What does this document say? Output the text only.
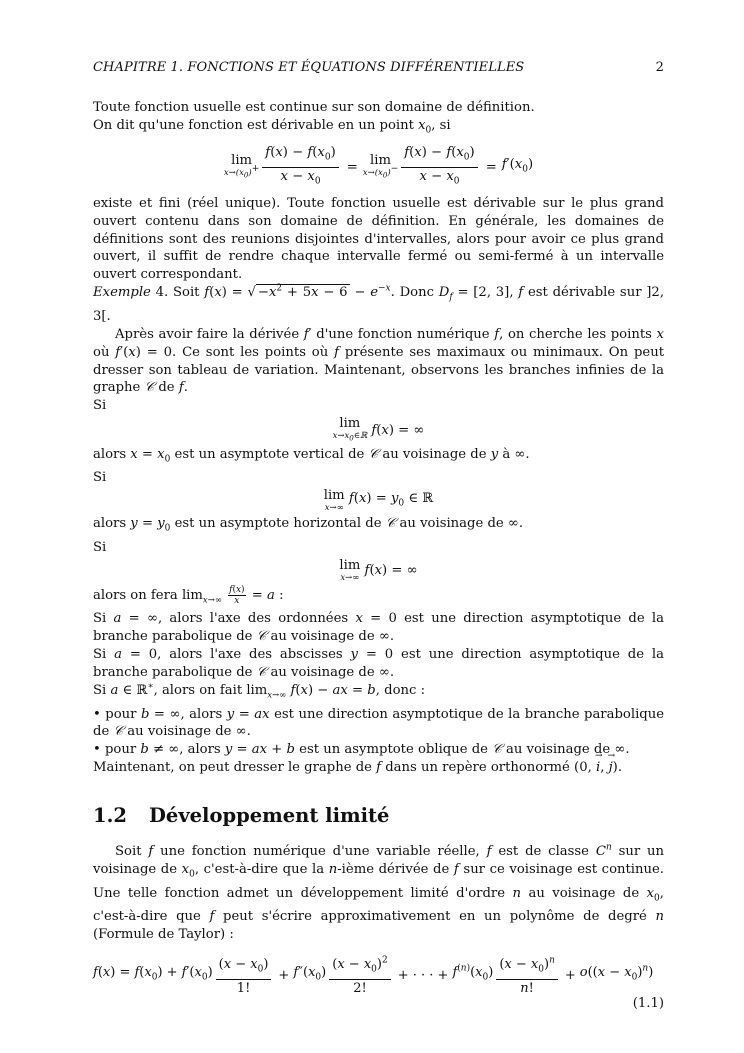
CHAPITRE 1. FONCTIONS ET ÉQUATIONS DIFFÉRENTIELLES	2

Toute fonction usuelle est continue sur son domaine de définition.

On dit qu'une fonction est dérivable en un point $x_0$, si

lim
$x\to(x_0)^+ \frac{f(x) - f(x_0)}{x - x_0} = \lim$
$x\to(x_0)^- \frac{f(x) - f(x_0)}{x - x_0} = f'(x_0)$

existe et fini (réel unique). Toute fonction usuelle est dérivable sur le plus grand ouvert contenu dans son domaine de définition. En générale, les domaines de définitions sont des reunions disjointes d'intervalles, alors pour avoir ce plus grand ouvert, il suffit de rendre chaque intervalle fermé ou semi-fermé à un intervalle ouvert correspondant.

Exemple 4. Soit f(x) = √ $-x^2 + 5x - 6 - e^{-x}$. Donc $D_f = [2$, 3], f est dérivable sur ]2, 3[.

Après avoir faire la dérivée f′ d'une fonction numérique f, on cherche les points x où f′(x) = 0. Ce sont les points où f présente ses maximaux ou minimaux. On peut dresser son tableau de variation. Maintenant, observons les branches infinies de la graphe 𝒞 de f.

Si

lim
$x\to x_0\in ℝ$
f(x) = ∞

alors $x = x_0$ est un asymptote vertical de 𝒞 au voisinage de y à ∞.

Si

lim
x→∞

$f(x) = y_0$ ∈ ℝ

alors $y = y_0$ est un asymptote horizontal de 𝒞 au voisinage de ∞.

Si

lim
x→∞
f(x) = ∞

alors on fera $\lim_{x\to\infty} \frac{f(x)}{x} = a$ :

Si a = ∞, alors l'axe des ordonnées x = 0 est une direction asymptotique de la branche parabolique de 𝒞 au voisinage de ∞.

Si a = 0, alors l'axe des abscisses y = 0 est une direction asymptotique de la branche parabolique de 𝒞 au voisinage de ∞.

Si a ∈ ℝ∗, alors on fait $\lim_{x\to\infty} f(x)$ − ax = b, donc :

• pour b = ∞, alors y = ax est une direction asymptotique de la branche parabolique de 𝒞 au voisinage de ∞.

• pour b ≠ ∞, alors y = ax + b est un asymptote oblique de 𝒞 au voisinage de ∞.

Maintenant, on peut dresser le graphe de f dans un repère orthonormé (0, → i, → j).

1.2 Développement limité

Soit f une fonction numérique d'une variable réelle, f est de classe $C^n$ sur un voisinage de $x_0$, c'est-à-dire que la n-ième dérivée de f sur ce voisinage est continue. Une telle fonction admet un développement limité d'ordre n au voisinage de $x_0$, c'est-à-dire que f peut s'écrire approximativement en un polynôme de degré n (Formule de Taylor) :

$f(x) = f(x_0) + f'(x_0) \frac{(x - x_0)}{1!} + f''(x_0) \frac{(x - x_0)^2}{2!}$ + · · · + $f^{(n)}(x_0) \frac{(x - x_0)^n}{n!} + o((x - x_0)^n)$
(1.1)
